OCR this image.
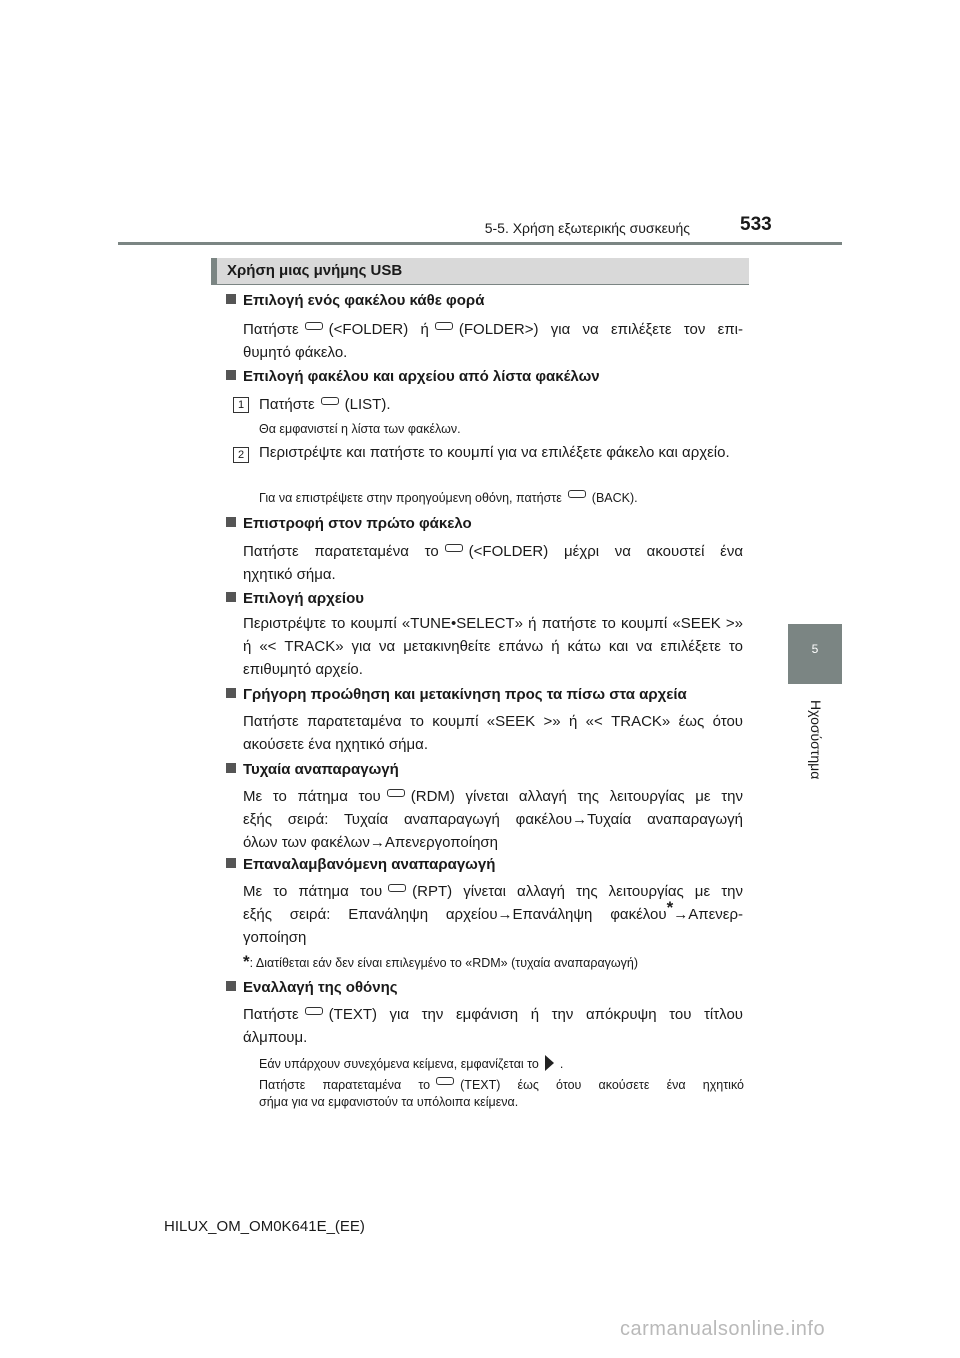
5-5. Χρήση εξωτερικής συσκευής	533
5
Ηχοσύστημα
Χρήση μιας μνήμης USB
Επιλογή ενός φακέλου κάθε φορά
Πατήστε (<FOLDER) ή (FOLDER>) για να επιλέξετε τον επι-
θυμητό φάκελο.
Επιλογή φακέλου και αρχείου από λίστα φακέλων
1 Πατήστε (LIST).
Θα εμφανιστεί η λίστα των φακέλων.
2 Περιστρέψτε και πατήστε το κουμπί για να επιλέξετε φάκελο και αρχείο.
Για να επιστρέψετε στην προηγούμενη οθόνη, πατήστε (BACK).
Επιστροφή στον πρώτο φάκελο
Πατήστε παρατεταμένα το (<FOLDER) μέχρι να ακουστεί ένα
ηχητικό σήμα.
Επιλογή αρχείου
Περιστρέψτε το κουμπί «TUNE•SELECT» ή πατήστε το κουμπί «SEEK >» ή «< TRACK» για να μετακινηθείτε επάνω ή κάτω και να επιλέξετε το επιθυμητό αρχείο.
Γρήγορη προώθηση και μετακίνηση προς τα πίσω στα αρχεία
Πατήστε παρατεταμένα το κουμπί «SEEK >» ή «< TRACK» έως ότου ακούσετε ένα ηχητικό σήμα.
Τυχαία αναπαραγωγή
Με το πάτημα του (RDM) γίνεται αλλαγή της λειτουργίας με την
εξής σειρά: Τυχαία αναπαραγωγή φακέλου→Τυχαία αναπαραγωγή
όλων των φακέλων→Απενεργοποίηση
Επαναλαμβανόμενη αναπαραγωγή
Με το πάτημα του (RPT) γίνεται αλλαγή της λειτουργίας με την
εξής σειρά: Επανάληψη αρχείου→Επανάληψη φακέλου*→Απενερ-
γοποίηση
*: Διατίθεται εάν δεν είναι επιλεγμένο το «RDM» (τυχαία αναπαραγωγή)
Εναλλαγή της οθόνης
Πατήστε (TEXT) για την εμφάνιση ή την απόκρυψη του τίτλου
άλμπουμ.
Εάν υπάρχουν συνεχόμενα κείμενα, εμφανίζεται το .
Πατήστε παρατεταμένα το (TEXT) έως ότου ακούσετε ένα ηχητικό
σήμα για να εμφανιστούν τα υπόλοιπα κείμενα.
HILUX_OM_OM0K641E_(EE)
carmanualsonline.info
